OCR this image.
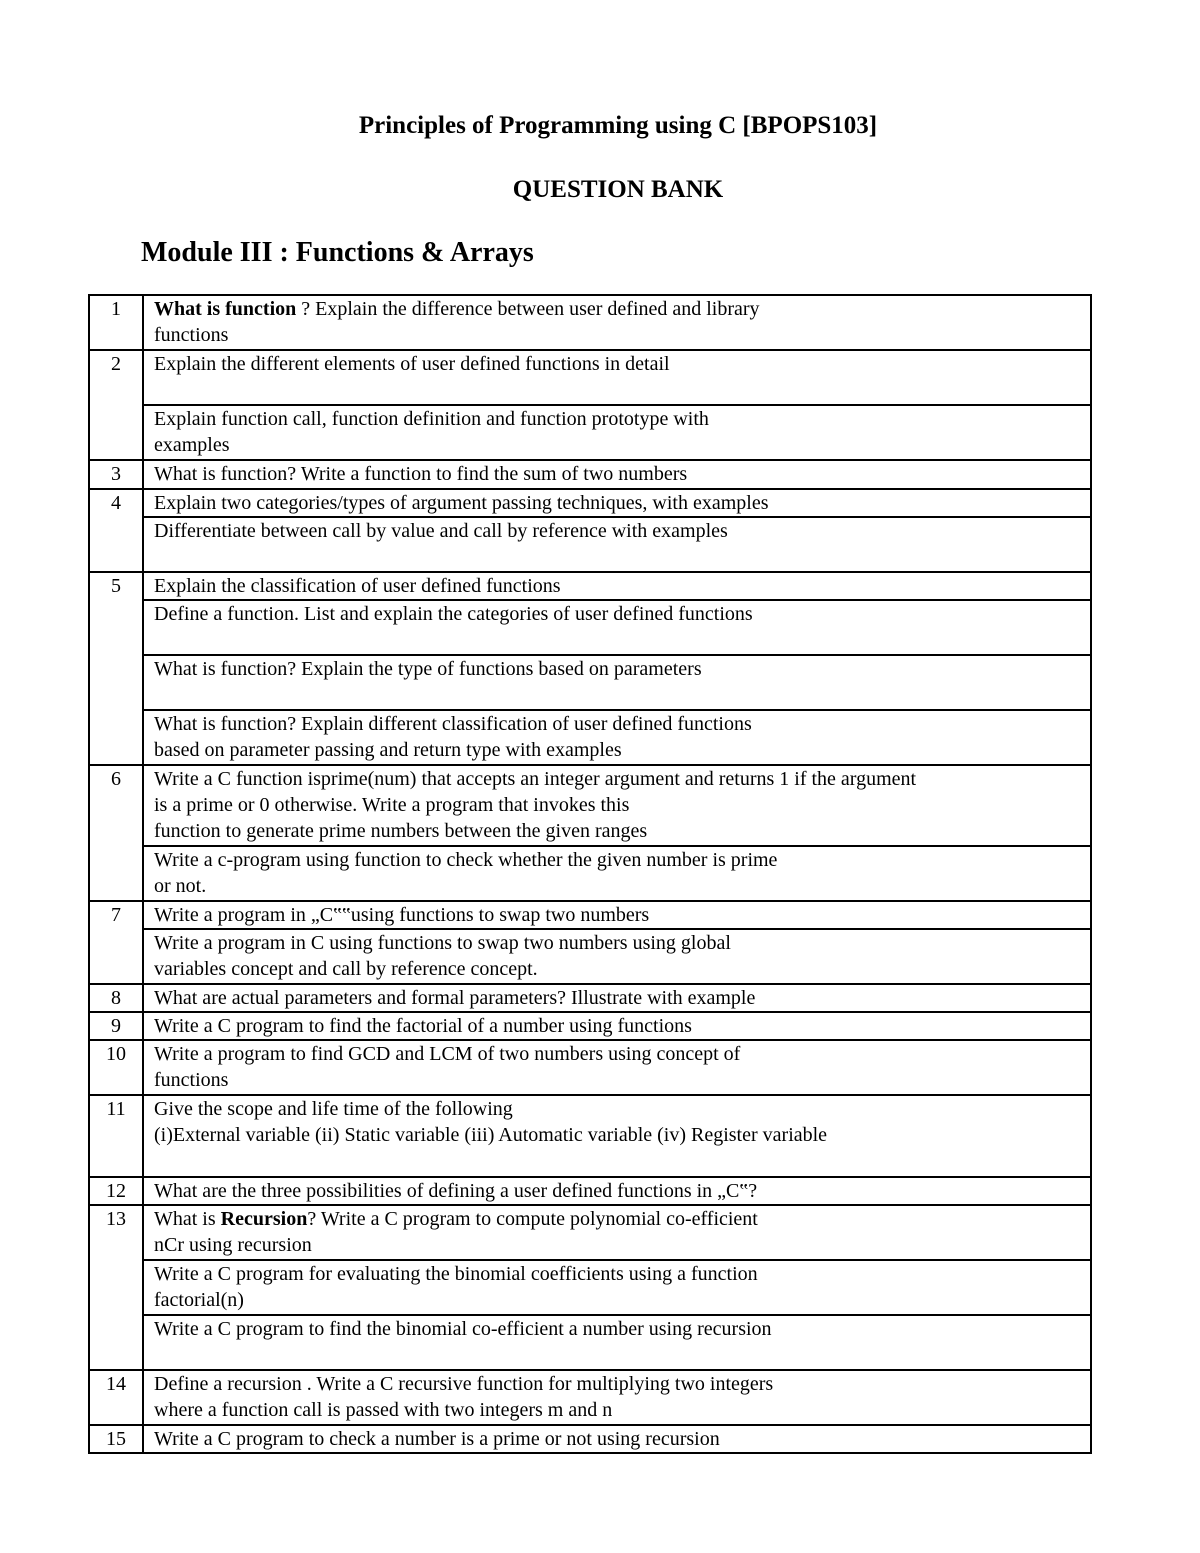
Principles of Programming using C [BPOPS103]
QUESTION BANK
Module III : Functions & Arrays
1	What is function ? Explain the difference between user defined and library
functions
2	Explain the different elements of user defined functions in detail
	Explain function call, function definition and function prototype with
examples
3	What is function? Write a function to find the sum of two numbers
4	Explain two categories/types of argument passing techniques, with examples
	Differentiate between call by value and call by reference with examples
5	Explain the classification of user defined functions
	Define a function. List and explain the categories of user defined functions
	What is function? Explain the type of functions based on parameters
	What is function? Explain different classification of user defined functions
based on parameter passing and return type with examples
6	Write a C function isprime(num) that accepts an integer argument and returns 1 if the argument
is a prime or 0 otherwise. Write a program that invokes this
function to generate prime numbers between the given ranges
	Write a c-program using function to check whether the given number is prime
or not.
7	Write a program in „C‟‟using functions to swap two numbers
	Write a program in C using functions to swap two numbers using global
variables concept and call by reference concept.
8	What are actual parameters and formal parameters? Illustrate with example
9	Write a C program to find the factorial of a number using functions
10	Write a program to find GCD and LCM of two numbers using concept of
functions
11	Give the scope and life time of the following
(i)External variable (ii) Static variable (iii) Automatic variable (iv) Register variable
12	What are the three possibilities of defining a user defined functions in „C‟?
13	What is Recursion? Write a C program to compute polynomial co-efficient
nCr using recursion
	Write a C program for evaluating the binomial coefficients using a function
factorial(n)
	Write a C program to find the binomial co-efficient a number using recursion
14	Define a recursion . Write a C recursive function for multiplying two integers
where a function call is passed with two integers m and n
15	Write a C program to check a number is a prime or not using recursion
